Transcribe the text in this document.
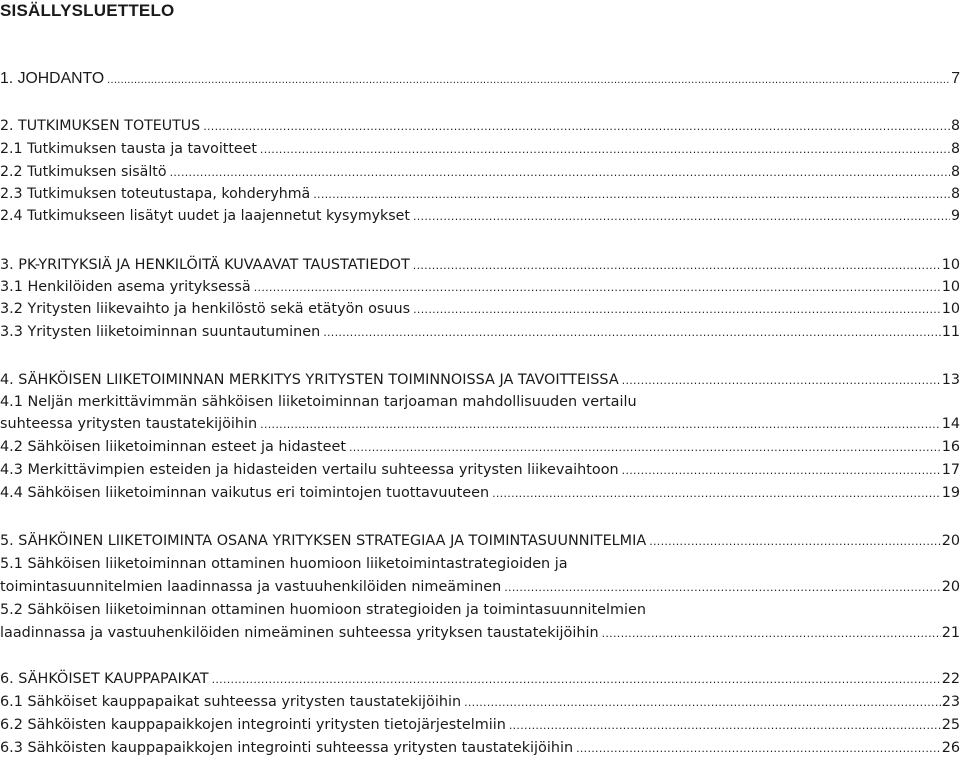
SISÄLLYSLUETTELO
1. JOHDANTO .....	7
2. TUTKIMUKSEN TOTEUTUS .....	8
2.1 Tutkimuksen tausta ja tavoitteet .....	8
2.2 Tutkimuksen sisältö .....	8
2.3 Tutkimuksen toteutustapa, kohderyhmä .....	8
2.4 Tutkimukseen lisätyt uudet ja laajennetut kysymykset .....	9
3. PK-YRITYKSIÄ JA HENKILÖITÄ KUVAAVAT TAUSTATIEDOT .....	10
3.1 Henkilöiden asema yrityksessä .....	10
3.2 Yritysten liikevaihto ja henkilöstö sekä etätyön osuus .....	10
3.3 Yritysten liiketoiminnan suuntautuminen .....	11
4. SÄHKÖISEN LIIKETOIMINNAN MERKITYS YRITYSTEN TOIMINNOISSA JA TAVOITTEISSA .....	13
4.1 Neljän merkittävimmän sähköisen liiketoiminnan tarjoaman mahdollisuuden vertailu
suhteessa yritysten taustatekijöihin .....	14
4.2 Sähköisen liiketoiminnan esteet ja hidasteet .....	16
4.3 Merkittävimpien esteiden ja hidasteiden vertailu suhteessa yritysten liikevaihtoon .....	17
4.4 Sähköisen liiketoiminnan vaikutus eri toimintojen tuottavuuteen .....	19
5. SÄHKÖINEN LIIKETOIMINTA OSANA YRITYKSEN STRATEGIAA JA TOIMINTASUUNNITELMIA .....	20
5.1 Sähköisen liiketoiminnan ottaminen huomioon liiketoimintastrategioiden ja
toimintasuunnitelmien laadinnassa ja vastuuhenkilöiden nimeäminen .....	20
5.2 Sähköisen liiketoiminnan ottaminen huomioon strategioiden ja toimintasuunnitelmien
laadinnassa ja vastuuhenkilöiden nimeäminen suhteessa yrityksen taustatekijöihin .....	21
6. SÄHKÖISET KAUPPAPAIKAT .....	22
6.1 Sähköiset kauppapaikat suhteessa yritysten taustatekijöihin .....	23
6.2 Sähköisten kauppapaikkojen integrointi yritysten tietojärjestelmiin .....	25
6.3 Sähköisten kauppapaikkojen integrointi suhteessa yritysten taustatekijöihin .....	26
